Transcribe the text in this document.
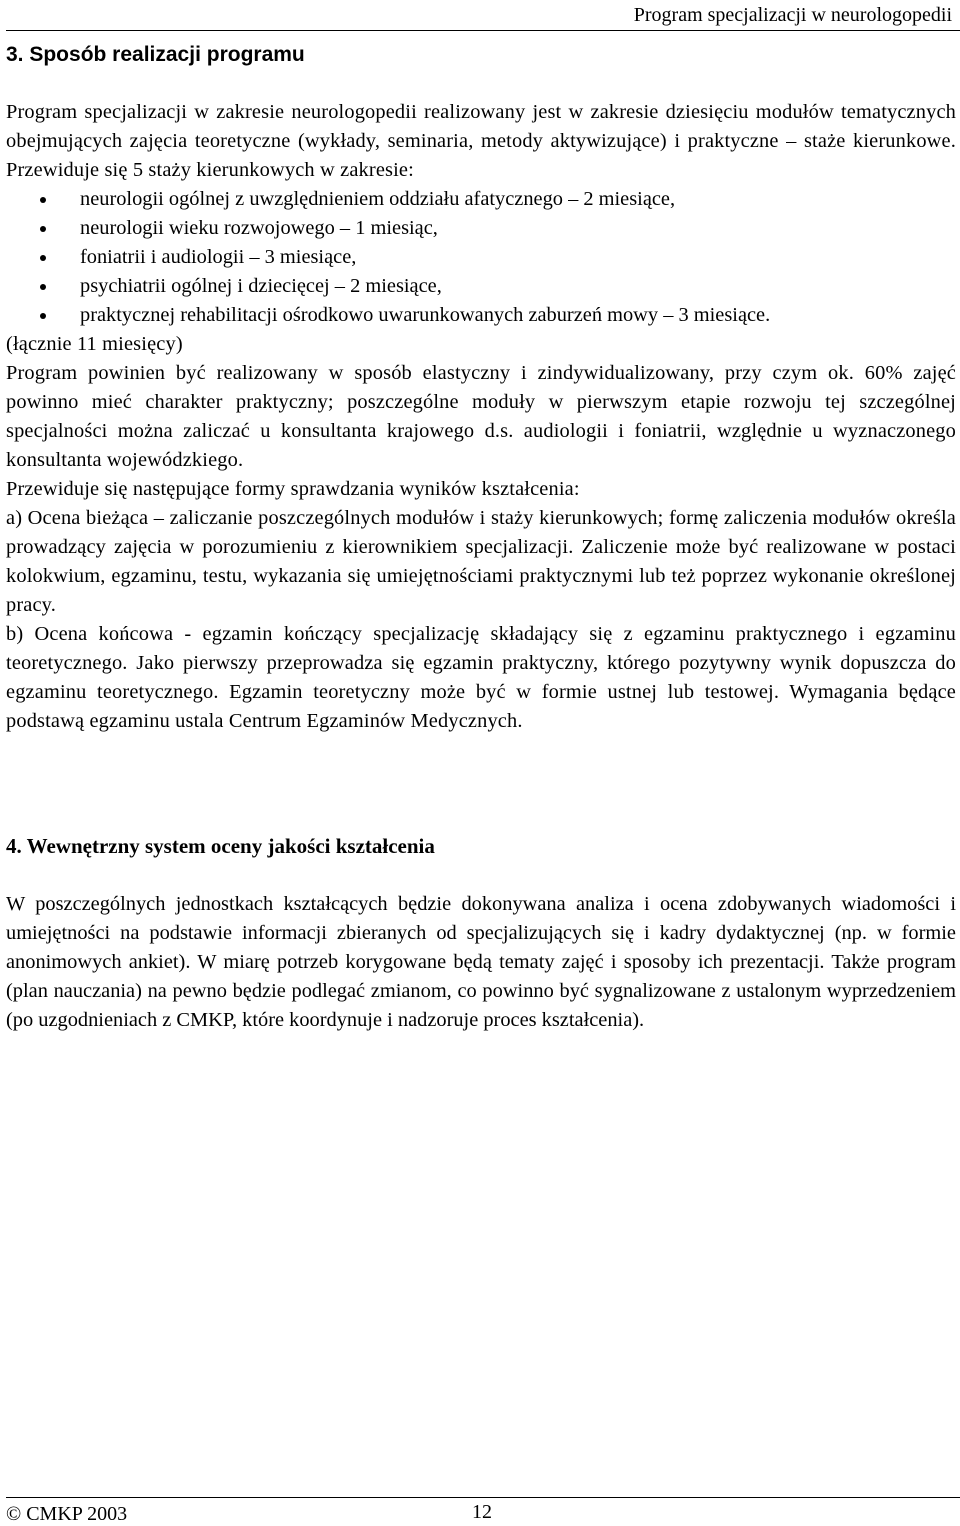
Program specjalizacji w neurologopedii
3. Sposób realizacji programu

Program specjalizacji w zakresie neurologopedii realizowany jest w zakresie dziesięciu modułów tematycznych obejmujących zajęcia teoretyczne (wykłady, seminaria, metody aktywizujące) i praktyczne – staże kierunkowe. Przewiduje się 5 staży kierunkowych w zakresie:

neurologii ogólnej z uwzględnieniem oddziału afatycznego – 2 miesiące,
neurologii wieku rozwojowego – 1 miesiąc,
foniatrii i audiologii – 3 miesiące,
psychiatrii ogólnej i dziecięcej – 2 miesiące,
praktycznej rehabilitacji ośrodkowo uwarunkowanych zaburzeń mowy – 3 miesiące.

(łącznie 11 miesięcy)

Program powinien być realizowany w sposób elastyczny i zindywidualizowany, przy czym ok. 60% zajęć powinno mieć charakter praktyczny; poszczególne moduły w pierwszym etapie rozwoju tej szczególnej specjalności można zaliczać u konsultanta krajowego d.s. audiologii i foniatrii, względnie u wyznaczonego konsultanta wojewódzkiego.

Przewiduje się następujące formy sprawdzania wyników kształcenia:

a) Ocena bieżąca – zaliczanie poszczególnych modułów i staży kierunkowych; formę zaliczenia modułów określa prowadzący zajęcia w porozumieniu z kierownikiem specjalizacji. Zaliczenie może być realizowane w postaci kolokwium, egzaminu, testu, wykazania się umiejętnościami praktycznymi lub też poprzez wykonanie określonej pracy.

b) Ocena końcowa - egzamin kończący specjalizację składający się z egzaminu praktycznego i egzaminu teoretycznego. Jako pierwszy przeprowadza się egzamin praktyczny, którego pozytywny wynik dopuszcza do egzaminu teoretycznego. Egzamin teoretyczny może być w formie ustnej lub testowej. Wymagania będące podstawą egzaminu ustala Centrum Egzaminów Medycznych.

4. Wewnętrzny system oceny jakości kształcenia

W poszczególnych jednostkach kształcących będzie dokonywana analiza i ocena zdobywanych wiadomości i umiejętności na podstawie informacji zbieranych od specjalizujących się i kadry dydaktycznej (np. w formie anonimowych ankiet). W miarę potrzeb korygowane będą tematy zajęć i sposoby ich prezentacji. Także program (plan nauczania) na pewno będzie podlegać zmianom, co powinno być sygnalizowane z ustalonym wyprzedzeniem (po uzgodnieniach z CMKP, które koordynuje i nadzoruje proces kształcenia).

© CMKP 2003	12
